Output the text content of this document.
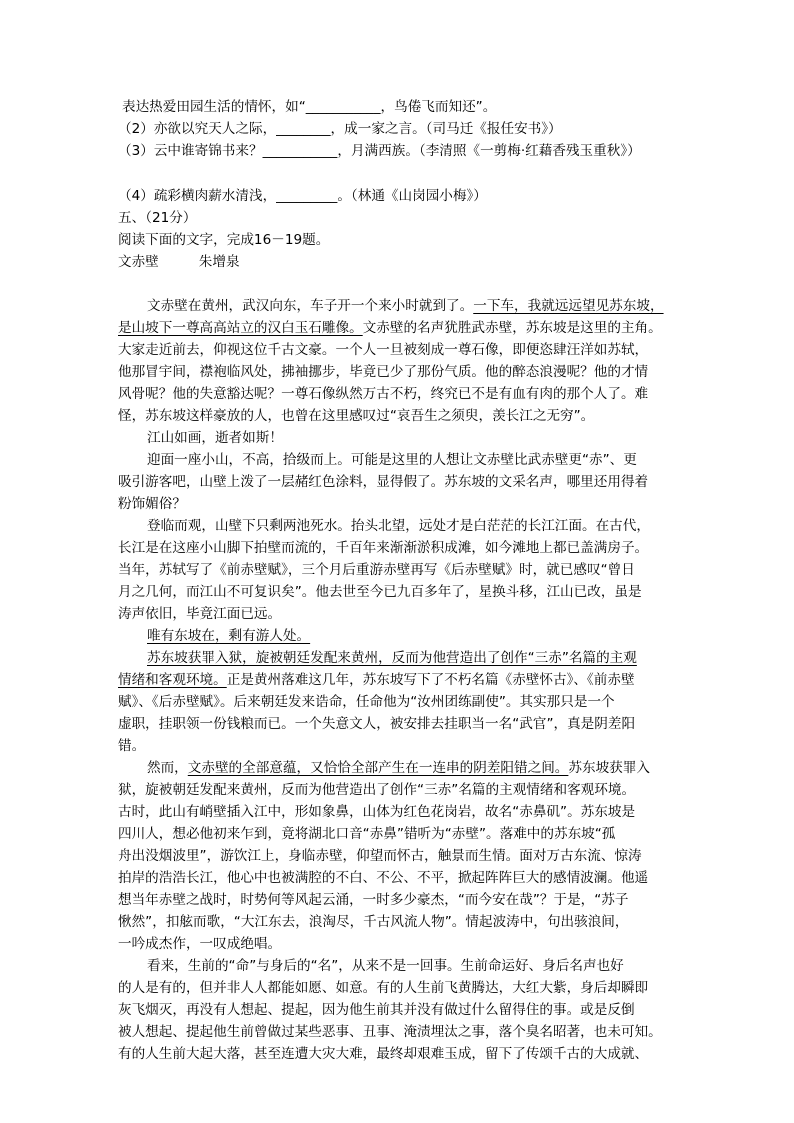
表达热爱田园生活的情怀，如“___________，鸟倦飞而知还”。
（2）亦欲以究天人之际，________，成一家之言。（司马迁《报任安书》）
（3）云中谁寄锦书来？___________，月满西族。（李清照《一剪梅·红藉香残玉重秋》）
（4）疏彩横肉薪水清浅，_________。（林通《山岗园小梅》）
五、（21分）
阅读下面的文字，完成16－19题。
文赤壁	朱增泉
文赤壁在黄州，武汉向东，车子开一个来小时就到了。一下车，我就远远望见苏东坡，
是山坡下一尊高高站立的汉白玉石雕像。文赤壁的名声犹胜武赤壁，苏东坡是这里的主角。
大家走近前去，仰视这位千古文豪。一个人一旦被刻成一尊石像，即便恣肆汪洋如苏轼，
他那冒宇间，襟袍临风处，拂袖挪步，毕竟已少了那份气质。他的醉态浪漫呢？他的才情
风骨呢？他的失意豁达呢？一尊石像纵然万古不朽，终究已不是有血有肉的那个人了。难
怪，苏东坡这样豪放的人，也曾在这里感叹过“哀吾生之须臾，羡长江之无穷”。
江山如画，逝者如斯！
迎面一座小山，不高，拾级而上。可能是这里的人想让文赤壁比武赤壁更“赤”、更
吸引游客吧，山壁上泼了一层赭红色涂料，显得假了。苏东坡的文采名声，哪里还用得着
粉饰媚俗？
登临而观，山壁下只剩两池死水。抬头北望，远处才是白茫茫的长江江面。在古代，
长江是在这座小山脚下拍壁而流的，千百年来渐渐淤积成滩，如今滩地上都已盖满房子。
当年，苏轼写了《前赤壁赋》，三个月后重游赤壁再写《后赤壁赋》时，就已感叹“曾日
月之几何，而江山不可复识矣”。他去世至今已九百多年了，星换斗移，江山已改，虽是
涛声依旧，毕竟江面已远。
唯有东坡在，剩有游人处。
苏东坡获罪入狱，旋被朝廷发配来黄州，反而为他营造出了创作“三赤”名篇的主观
情绪和客观环境。正是黄州落难这几年，苏东坡写下了不朽名篇《赤壁怀古》、《前赤壁
赋》、《后赤壁赋》。后来朝廷发来诰命，任命他为“汝州团练副使”。其实那只是一个
虚职，挂职领一份钱粮而已。一个失意文人，被安排去挂职当一名“武官”，真是阴差阳
错。
然而，文赤壁的全部意蕴，又恰恰全部产生在一连串的阴差阳错之间。苏东坡获罪入
狱，旋被朝廷发配来黄州，反而为他营造出了创作“三赤”名篇的主观情绪和客观环境。
古时，此山有峭壁插入江中，形如象鼻，山体为红色花岗岩，故名“赤鼻矶”。苏东坡是
四川人，想必他初来乍到，竟将湖北口音“赤鼻”错听为“赤壁”。落难中的苏东坡“孤
舟出没烟波里”，游饮江上，身临赤壁，仰望而怀古，触景而生情。面对万古东流、惊涛
拍岸的浩浩长江，他心中也被满腔的不白、不公、不平，掀起阵阵巨大的感情波澜。他遥
想当年赤壁之战时，时势何等风起云涌，一时多少豪杰，“而今安在哉”？于是，“苏子
愀然”，扣舷而歌，“大江东去，浪淘尽，千古风流人物”。情起波涛中，句出骇浪间，
一吟成杰作，一叹成绝唱。
看来，生前的“命”与身后的“名”，从来不是一回事。生前命运好、身后名声也好
的人是有的，但并非人人都能如愿、如意。有的人生前飞黄腾达，大红大紫，身后却瞬即
灰飞烟灭，再没有人想起、提起，因为他生前其并没有做过什么留得住的事。或是反倒
被人想起、提起他生前曾做过某些恶事、丑事、淹渍埋汰之事，落个臭名昭著，也未可知。
有的人生前大起大落，甚至连遭大灾大难，最终却艰难玉成，留下了传颂千古的大成就、
